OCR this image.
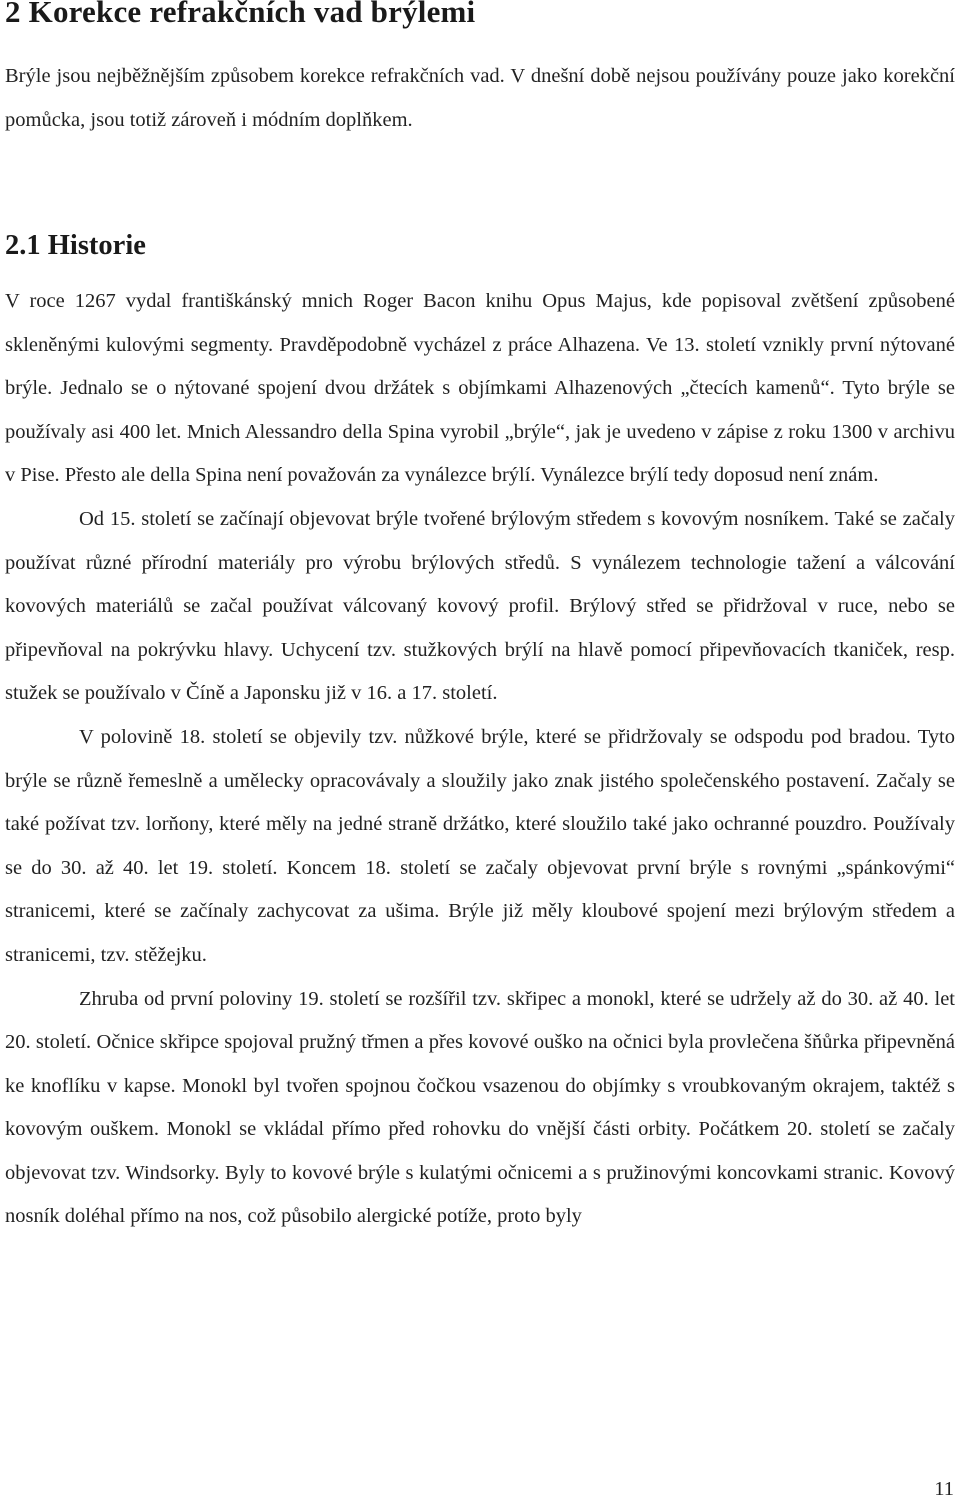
2 Korekce refrakčních vad brýlemi

Brýle jsou nejběžnějším způsobem korekce refrakčních vad. V dnešní době nejsou používány pouze jako korekční pomůcka, jsou totiž zároveň i módním doplňkem.

2.1 Historie

V roce 1267 vydal františkánský mnich Roger Bacon knihu Opus Majus, kde popisoval zvětšení způsobené skleněnými kulovými segmenty. Pravděpodobně vycházel z práce Alhazena. Ve 13. století vznikly první nýtované brýle. Jednalo se o nýtované spojení dvou držátek s objímkami Alhazenových „čtecích kamenů“. Tyto brýle se používaly asi 400 let. Mnich Alessandro della Spina vyrobil „brýle“, jak je uvedeno v zápise z roku 1300 v archivu v Pise. Přesto ale della Spina není považován za vynálezce brýlí. Vynálezce brýlí tedy doposud není znám.

Od 15. století se začínají objevovat brýle tvořené brýlovým středem s kovovým nosníkem. Také se začaly používat různé přírodní materiály pro výrobu brýlových středů. S vynálezem technologie tažení a válcování kovových materiálů se začal používat válcovaný kovový profil. Brýlový střed se přidržoval v ruce, nebo se připevňoval na pokrývku hlavy. Uchycení tzv. stužkových brýlí na hlavě pomocí připevňovacích tkaniček, resp. stužek se používalo v Číně a Japonsku již v 16. a 17. století.

V polovině 18. století se objevily tzv. nůžkové brýle, které se přidržovaly se odspodu pod bradou. Tyto brýle se různě řemeslně a umělecky opracovávaly a sloužily jako znak jistého společenského postavení. Začaly se také požívat tzv. lorňony, které měly na jedné straně držátko, které sloužilo také jako ochranné pouzdro. Používaly se do 30. až 40. let 19. století. Koncem 18. století se začaly objevovat první brýle s rovnými „spánkovými“ stranicemi, které se začínaly zachycovat za ušima. Brýle již měly kloubové spojení mezi brýlovým středem a stranicemi, tzv. stěžejku.

Zhruba od první poloviny 19. století se rozšířil tzv. skřipec a monokl, které se udržely až do 30. až 40. let 20. století. Očnice skřipce spojoval pružný třmen a přes kovové ouško na očnici byla provlečena šňůrka připevněná ke knoflíku v kapse. Monokl byl tvořen spojnou čočkou vsazenou do objímky s vroubkovaným okrajem, taktéž s kovovým ouškem. Monokl se vkládal přímo před rohovku do vnější části orbity. Počátkem 20. století se začaly objevovat tzv. Windsorky. Byly to kovové brýle s kulatými očnicemi a s pružinovými koncovkami stranic. Kovový nosník doléhal přímo na nos, což působilo alergické potíže, proto byly

11
